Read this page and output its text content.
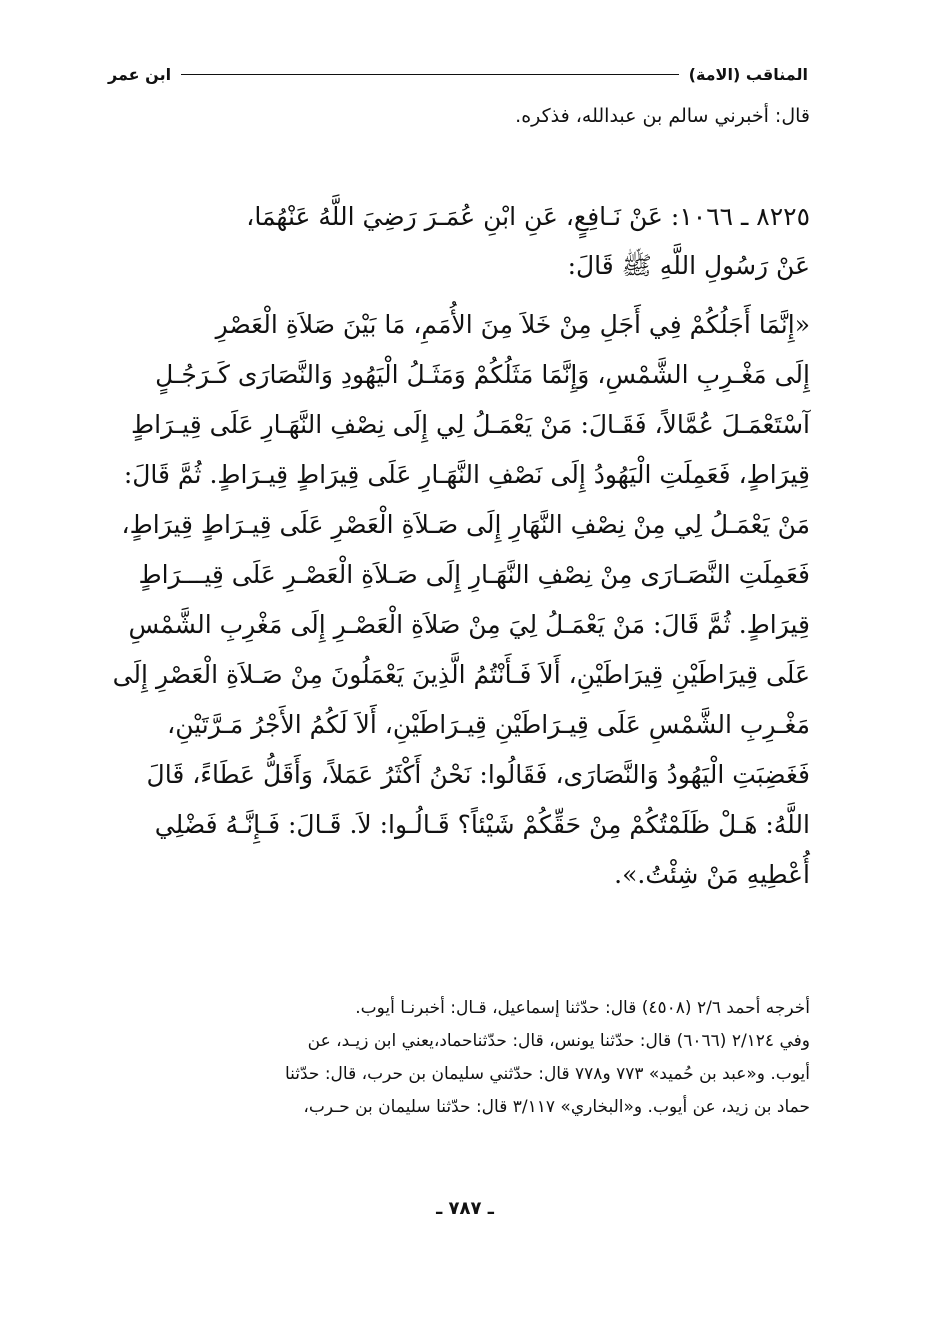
المناقب (الامة)
ابن عمر
قال: أخبرني سالم بن عبدالله، فذكره.
٨٢٢٥ ـ ١٠٦٦: عَنْ نَـافِعٍ، عَنِ ابْنِ عُمَـرَ رَضِيَ اللَّهُ عَنْهُمَا،
عَنْ رَسُولِ اللَّهِ ﷺ قَالَ:
«إِنَّمَا أَجَلُكُمْ فِي أَجَلِ مِنْ خَلاَ مِنَ الأُمَمِ، مَا بَيْنَ صَلاَةِ الْعَصْرِ
إِلَى مَغْـرِبِ الشَّمْسِ، وَإِنَّمَا مَثَلُكُمْ وَمَثَـلُ الْيَهُودِ وَالنَّصَارَى كَـرَجُـلٍ
آسْتَعْمَـلَ عُمَّالاً، فَقَـالَ: مَنْ يَعْمَـلُ لِي إِلَى نِصْفِ النَّهَـارِ عَلَى قِيـرَاطٍ
قِيرَاطٍ، فَعَمِلَتِ الْيَهُودُ إِلَى نَصْفِ النَّهَـارِ عَلَى قِيرَاطٍ قِيـرَاطٍ. ثُمَّ قَالَ:
مَنْ يَعْمَـلُ لِي مِنْ نِصْفِ النَّهَارِ إِلَى صَـلاَةِ الْعَصْرِ عَلَى قِيـرَاطٍ قِيرَاطٍ،
فَعَمِلَتِ النَّصَـارَى مِنْ نِصْفِ النَّهَـارِ إِلَى صَـلاَةِ الْعَصْـرِ عَلَى قِيـــرَاطٍ
قِيرَاطٍ. ثُمَّ قَالَ: مَنْ يَعْمَـلُ لِيَ مِنْ صَلاَةِ الْعَصْـرِ إِلَى مَغْرِبِ الشَّمْسِ
عَلَى قِيرَاطَيْنِ قِيرَاطَيْنِ، أَلاَ فَـأَنْتُمُ الَّذِينَ يَعْمَلُونَ مِنْ صَـلاَةِ الْعَصْرِ إِلَى
مَغْـرِبِ الشَّمْسِ عَلَى قِيـرَاطَيْنِ قِيـرَاطَيْنِ، أَلاَ لَكُمُ الأَجْرُ مَـرَّتَيْنِ،
فَغَضِبَتِ الْيَهُودُ وَالنَّصَارَى، فَقَالُوا: نَحْنُ أَكْثَرُ عَمَلاً، وَأَقَلُّ عَطَاءً، قَالَ
اللَّهُ: هَـلْ ظَلَمْتُكُمْ مِنْ حَقِّكُمْ شَيْئاً؟ قَـالُـوا: لاَ. قَـالَ: فَـإِنَّـهُ فَضْلِي
أُعْطِيهِ مَنْ شِئْتُ.».
أخرجه أحمد ٢/٦ (٤٥٠٨) قال: حدّثنا إسماعيل، قـال: أخبرنـا أيوب.
وفي ٢/١٢٤ (٦٠٦٦) قال: حدّثنا يونس، قال: حدّثناحماد،يعني ابن زيـد، عن
أيوب. و«عبد بن حُميد» ٧٧٣ و٧٧٨ قال: حدّثني سليمان بن حرب، قال: حدّثنا
حماد بن زيد، عن أيوب. و«البخاري» ٣/١١٧ قال: حدّثنا سليمان بن حـرب،
ـ ٧٨٧ ـ
